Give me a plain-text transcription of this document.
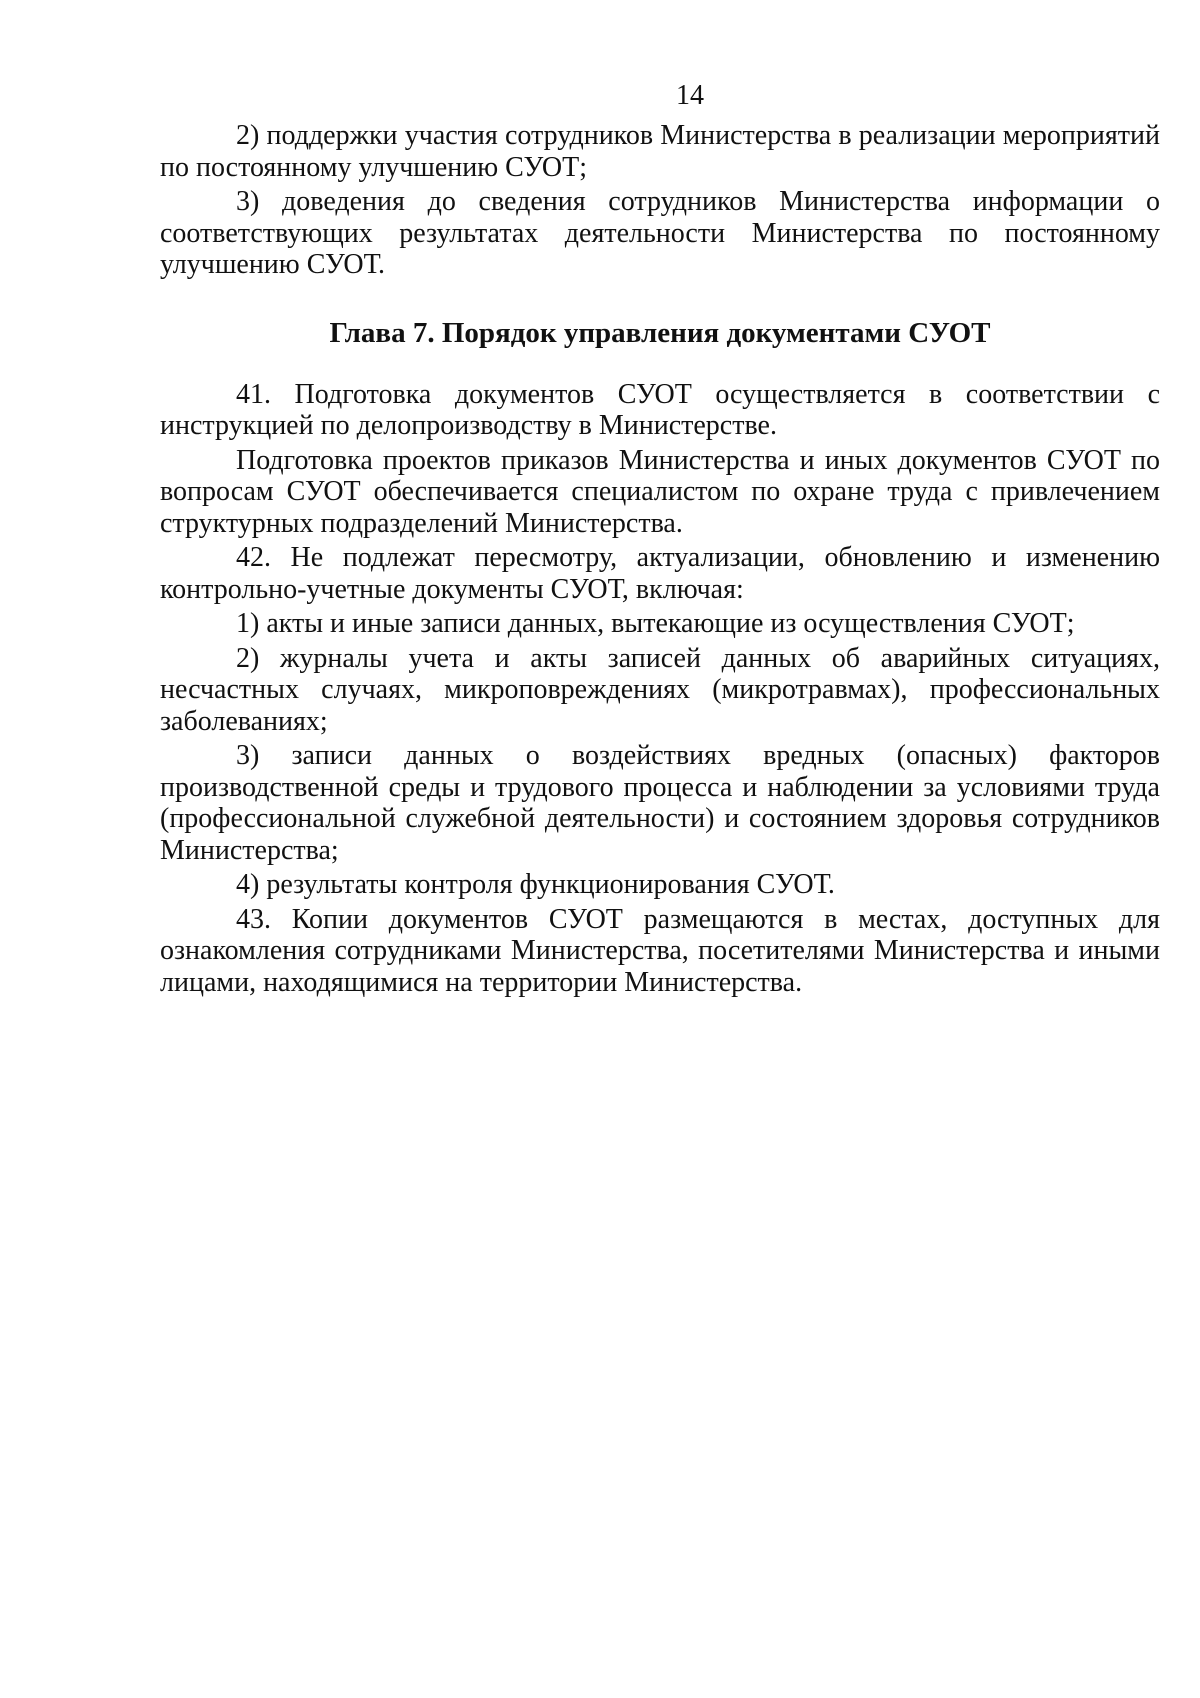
14

2) поддержки участия сотрудников Министерства в реализации мероприятий по постоянному улучшению СУОТ;

3) доведения до сведения сотрудников Министерства информации о соответствующих результатах деятельности Министерства по постоянному улучшению СУОТ.

Глава 7. Порядок управления документами СУОТ

41. Подготовка документов СУОТ осуществляется в соответствии с инструкцией по делопроизводству в Министерстве.

Подготовка проектов приказов Министерства и иных документов СУОТ по вопросам СУОТ обеспечивается специалистом по охране труда с привлечением структурных подразделений Министерства.

42. Не подлежат пересмотру, актуализации, обновлению и изменению контрольно-учетные документы СУОТ, включая:

1) акты и иные записи данных, вытекающие из осуществления СУОТ;

2) журналы учета и акты записей данных об аварийных ситуациях, несчастных случаях, микроповреждениях (микротравмах), профессиональных заболеваниях;

3) записи данных о воздействиях вредных (опасных) факторов производственной среды и трудового процесса и наблюдении за условиями труда (профессиональной служебной деятельности) и состоянием здоровья сотрудников Министерства;

4) результаты контроля функционирования СУОТ.

43. Копии документов СУОТ размещаются в местах, доступных для ознакомления сотрудниками Министерства, посетителями Министерства и иными лицами, находящимися на территории Министерства.
